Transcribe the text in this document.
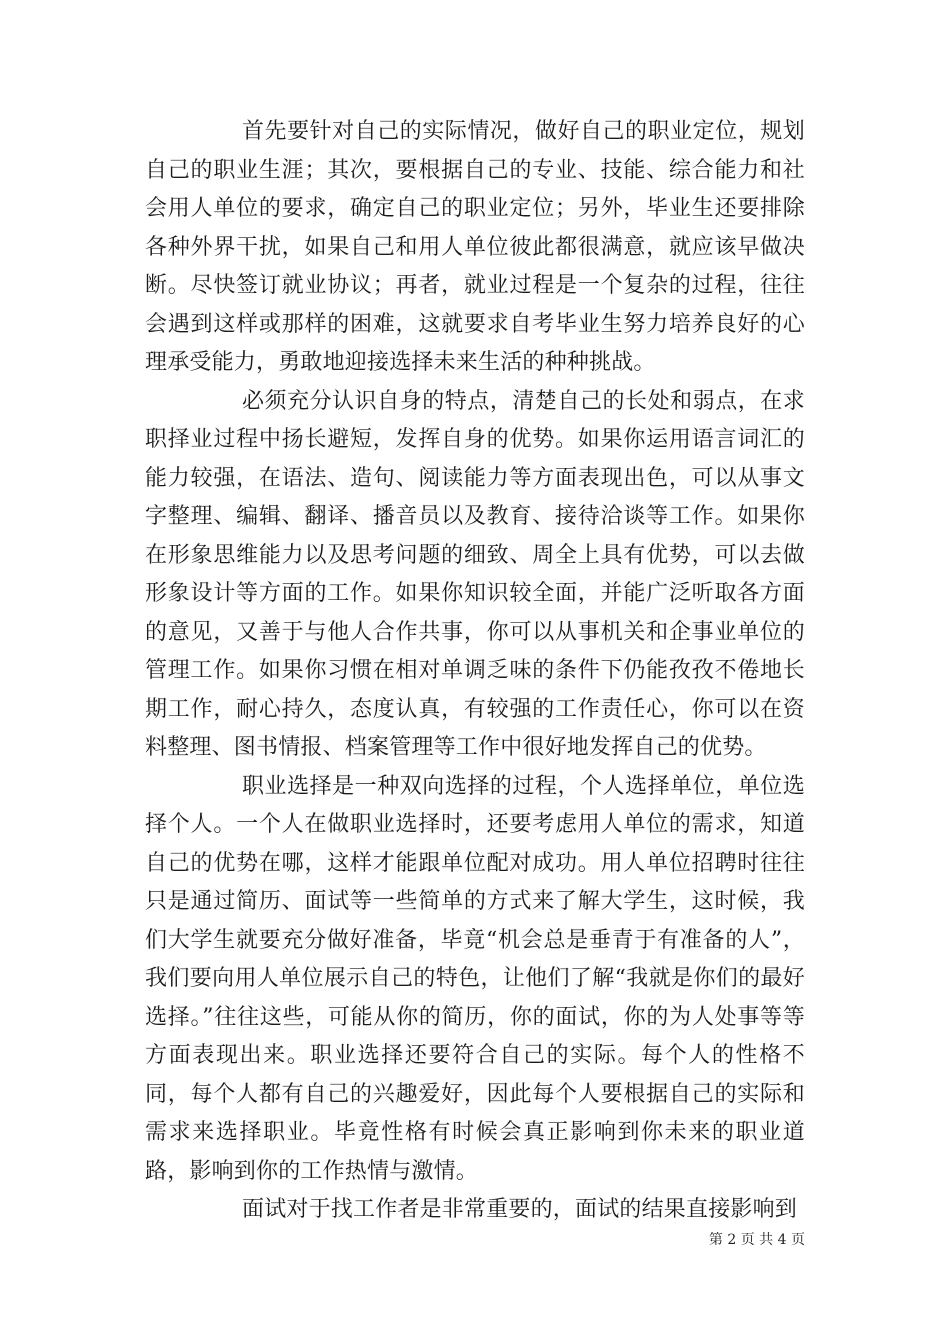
首先要针对自己的实际情况，做好自己的职业定位，规划自己的职业生涯；其次，要根据自己的专业、技能、综合能力和社会用人单位的要求，确定自己的职业定位；另外，毕业生还要排除各种外界干扰，如果自己和用人单位彼此都很满意，就应该早做决断。尽快签订就业协议；再者，就业过程是一个复杂的过程，往往会遇到这样或那样的困难，这就要求自考毕业生努力培养良好的心理承受能力，勇敢地迎接选择未来生活的种种挑战。

必须充分认识自身的特点，清楚自己的长处和弱点，在求职择业过程中扬长避短，发挥自身的优势。如果你运用语言词汇的能力较强，在语法、造句、阅读能力等方面表现出色，可以从事文字整理、编辑、翻译、播音员以及教育、接待洽谈等工作。如果你在形象思维能力以及思考问题的细致、周全上具有优势，可以去做形象设计等方面的工作。如果你知识较全面，并能广泛听取各方面的意见，又善于与他人合作共事，你可以从事机关和企事业单位的管理工作。如果你习惯在相对单调乏味的条件下仍能孜孜不倦地长期工作，耐心持久，态度认真，有较强的工作责任心，你可以在资料整理、图书情报、档案管理等工作中很好地发挥自己的优势。

职业选择是一种双向选择的过程，个人选择单位，单位选择个人。一个人在做职业选择时，还要考虑用人单位的需求，知道自己的优势在哪，这样才能跟单位配对成功。用人单位招聘时往往只是通过简历、面试等一些简单的方式来了解大学生，这时候，我们大学生就要充分做好准备，毕竟“机会总是垂青于有准备的人”，我们要向用人单位展示自己的特色，让他们了解“我就是你们的最好选择。”往往这些，可能从你的简历，你的面试，你的为人处事等等方面表现出来。职业选择还要符合自己的实际。每个人的性格不同，每个人都有自己的兴趣爱好，因此每个人要根据自己的实际和需求来选择职业。毕竟性格有时候会真正影响到你未来的职业道路，影响到你的工作热情与激情。

面试对于找工作者是非常重要的，面试的结果直接影响到

第 2 页 共 4 页
